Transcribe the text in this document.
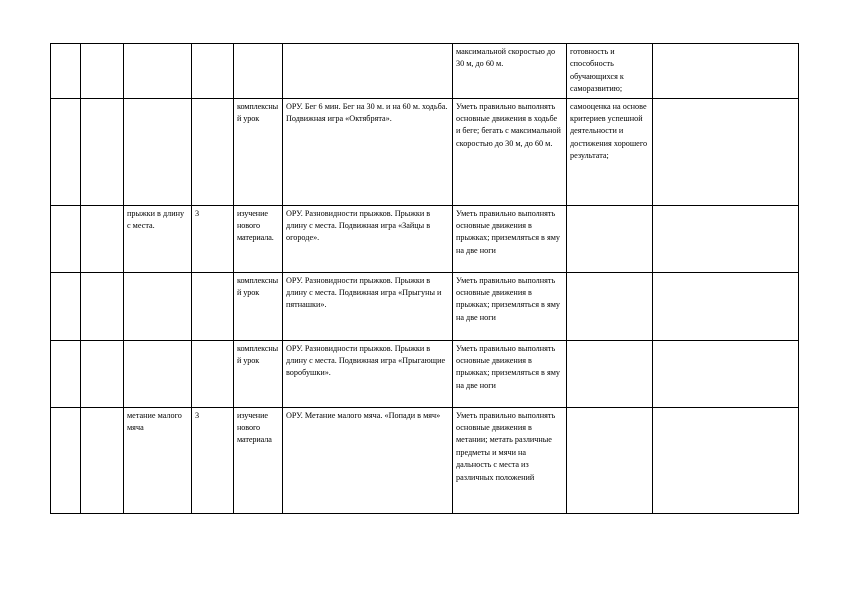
						максимальной скоростью до 30 м, до 60 м.	готовность и способность обучающихся к саморазвитию;	
				комплексный урок	ОРУ. Бег 6 мин. Бег на 30 м. и на 60 м. ходьба. Подвижная игра «Октябрята».	Уметь правильно выполнять основные движения в ходьбе и беге; бегать с максимальной скоростью до 30 м, до 60 м.	самооценка на основе критериев успешной деятельности и достижения хорошего результата;	
		прыжки в длину с места.	3	изучение нового материала.	ОРУ. Разновидности прыжков. Прыжки в длину с места. Подвижная игра «Зайцы в огороде».	Уметь правильно выполнять основные движения в прыжках; приземляться в яму на две ноги		
				комплексный урок	ОРУ. Разновидности прыжков. Прыжки в длину с места. Подвижная игра «Прыгуны и пятнашки».	Уметь правильно выполнять основные движения в прыжках; приземляться в яму на две ноги		
				комплексный урок	ОРУ. Разновидности прыжков. Прыжки в длину с места. Подвижная игра «Прыгающие воробушки».	Уметь правильно выполнять основные движения в прыжках; приземляться в яму на две ноги		
		метание малого мяча	3	изучение нового материала	ОРУ. Метание малого мяча. «Попади в мяч»	Уметь правильно выполнять основные движения в метании; метать различные предметы и мячи на дальность с места из различных положений		
